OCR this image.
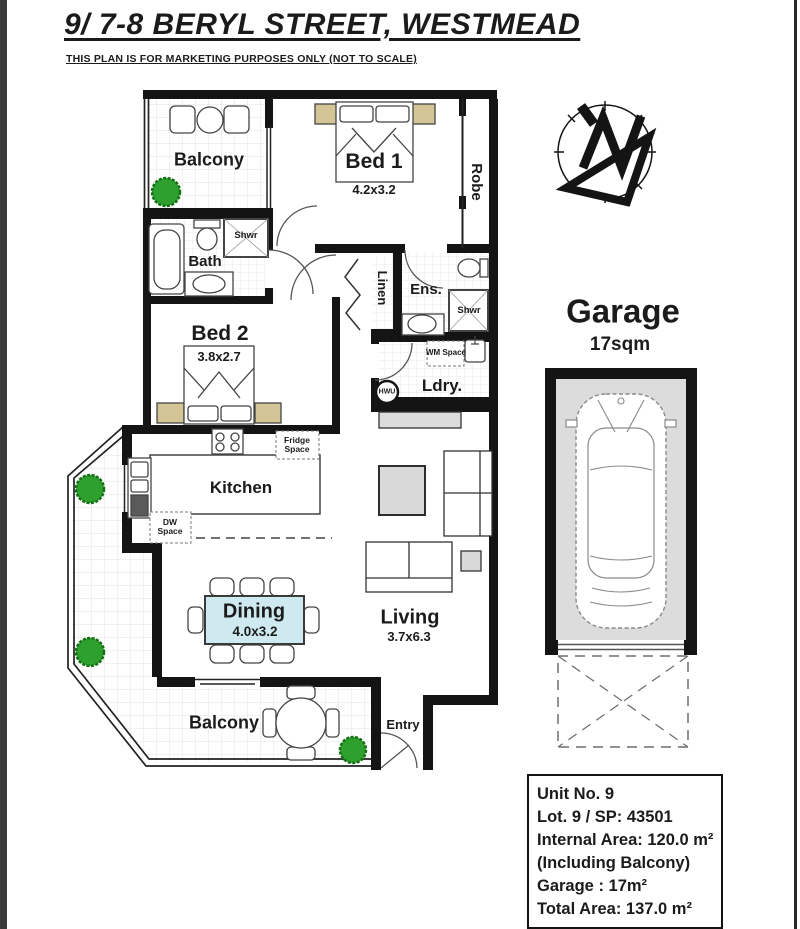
9/ 7-8 BERYL STREET, WESTMEAD
THIS PLAN IS FOR MARKETING PURPOSES ONLY (NOT TO SCALE)
Balcony	Bed 1
4.2x3.2	Robe
Shwr
Bath
Linen Ens.
Shwr
Bed 2
3.8x2.7	WM Space
Ldry.
HWU
Fridge Space
Kitchen
DW Space
Dining
4.0x3.2
Living
3.7x6.3
Balcony	Entry
Garage
17sqm
Unit No. 9
Lot. 9 / SP: 43501
Internal Area: 120.0 m²
(Including Balcony)
Garage : 17m²
Total Area: 137.0 m²
